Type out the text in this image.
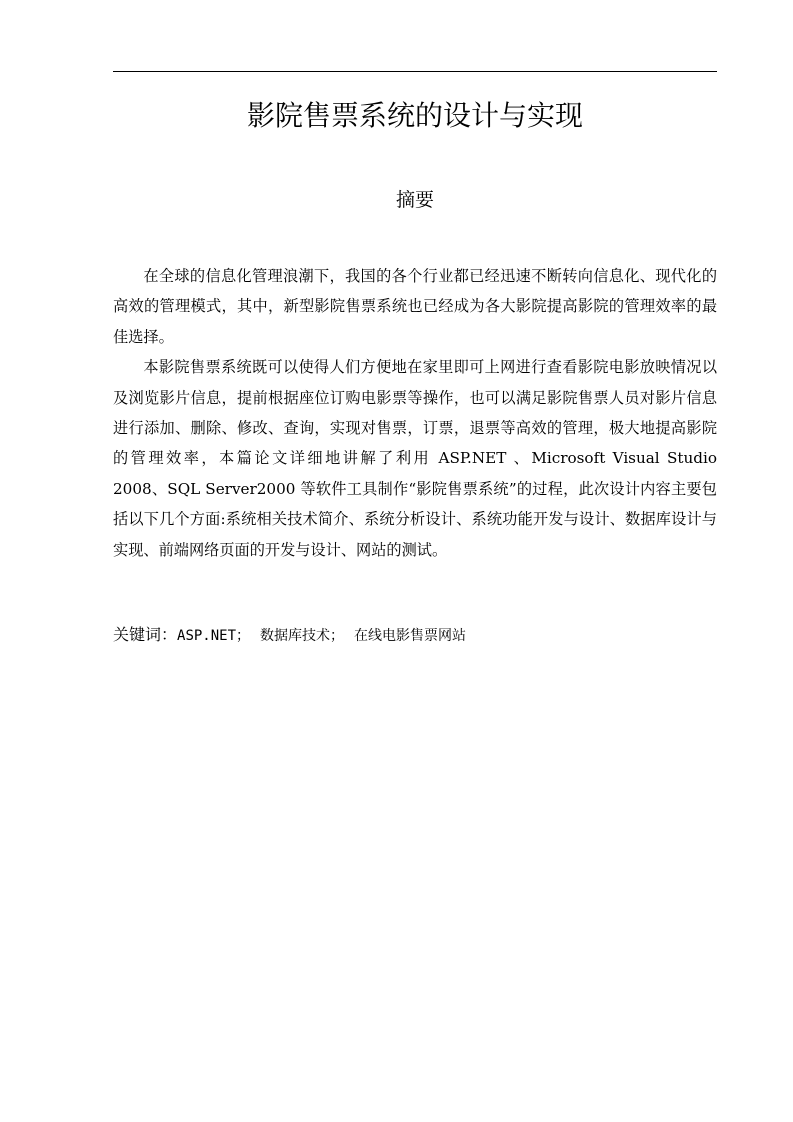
影院售票系统的设计与实现
摘要

在全球的信息化管理浪潮下，我国的各个行业都已经迅速不断转向信息化、现代化的高效的管理模式，其中，新型影院售票系统也已经成为各大影院提高影院的管理效率的最佳选择。

本影院售票系统既可以使得人们方便地在家里即可上网进行查看影院电影放映情况以及浏览影片信息，提前根据座位订购电影票等操作，也可以满足影院售票人员对影片信息进行添加、删除、修改、查询，实现对售票，订票，退票等高效的管理，极大地提高影院的管理效率，本篇论文详细地讲解了利用 ASP.NET 、Microsoft Visual Studio 2008、SQL Server2000 等软件工具制作“影院售票系统”的过程，此次设计内容主要包括以下几个方面:系统相关技术简介、系统分析设计、系统功能开发与设计、数据库设计与实现、前端网络页面的开发与设计、网站的测试。

关键词：ASP.NET； 数据库技术； 在线电影售票网站
